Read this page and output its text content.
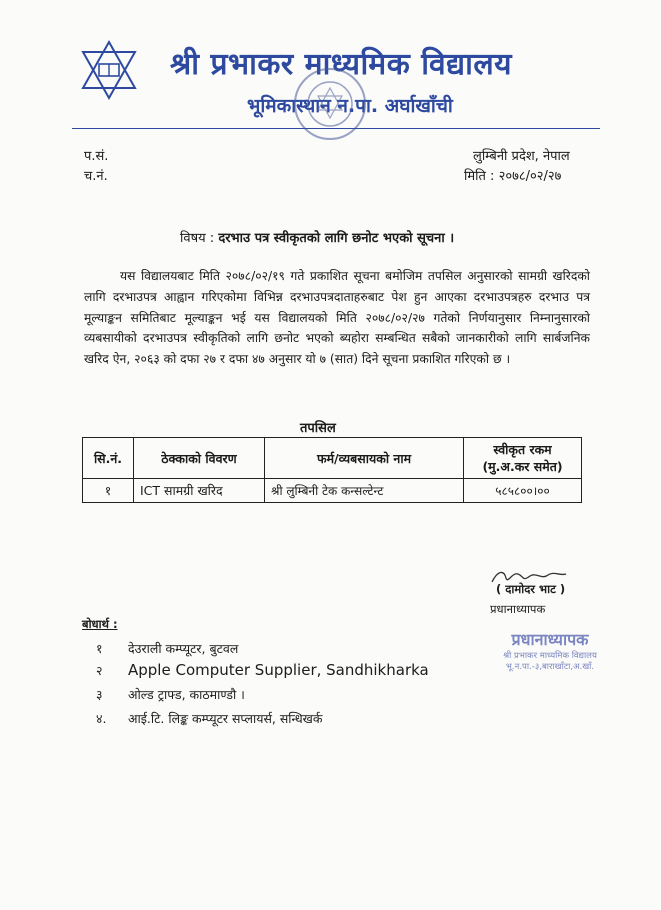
श्री प्रभाकर माध्यमिक विद्यालय
भूमिकास्थान न.पा. अर्घाखाँची
प.सं.
च.नं.
लुम्बिनी प्रदेश, नेपाल
मिति : २०७८/०२/२७
विषय : दरभाउ पत्र स्वीकृतको लागि छनोट भएको सूचना ।
यस विद्यालयबाट मिति २०७८/०२/१९ गते प्रकाशित सूचना बमोजिम तपसिल अनुसारको सामग्री खरिदको लागि दरभाउपत्र आह्वान गरिएकोमा विभिन्न दरभाउपत्रदाताहरुबाट पेश हुन आएका दरभाउपत्रहरु दरभाउ पत्र मूल्याङ्कन समितिबाट मूल्याङ्कन भई यस विद्यालयको मिति २०७८/०२/२७ गतेको निर्णयानुसार निम्नानुसारको व्यबसायीको दरभाउपत्र स्वीकृतिको लागि छनोट भएको ब्यहोरा सम्बन्धित सबैको जानकारीको लागि सार्बजनिक खरिद ऐन, २०६३ को दफा २७ र दफा ४७ अनुसार यो ७ (सात) दिने सूचना प्रकाशित गरिएको छ ।
तपसिल
सि.नं.	ठेक्काको विवरण	फर्म/व्यबसायको नाम	स्वीकृत रकम
(मु.अ.कर समेत)

१	ICT सामग्री खरिद	श्री लुम्बिनी टेक कन्सल्टेन्ट	५८५८००।००
( दामोदर भाट )
प्रधानाध्यापक
प्रधानाध्यापक
श्री प्रभाकर माध्यमिक विद्यालय
भू.न.पा.-३,बाराखाँटा,अ.खाँ.
बोधार्थ :
१ देउराली कम्प्यूटर, बुटवल
२ Apple Computer Supplier, Sandhikharka
३ ओल्ड ट्राफ्ड, काठमाण्डौ ।
४. आई.टि. लिङ्क कम्प्यूटर सप्लायर्स, सन्धिखर्क
